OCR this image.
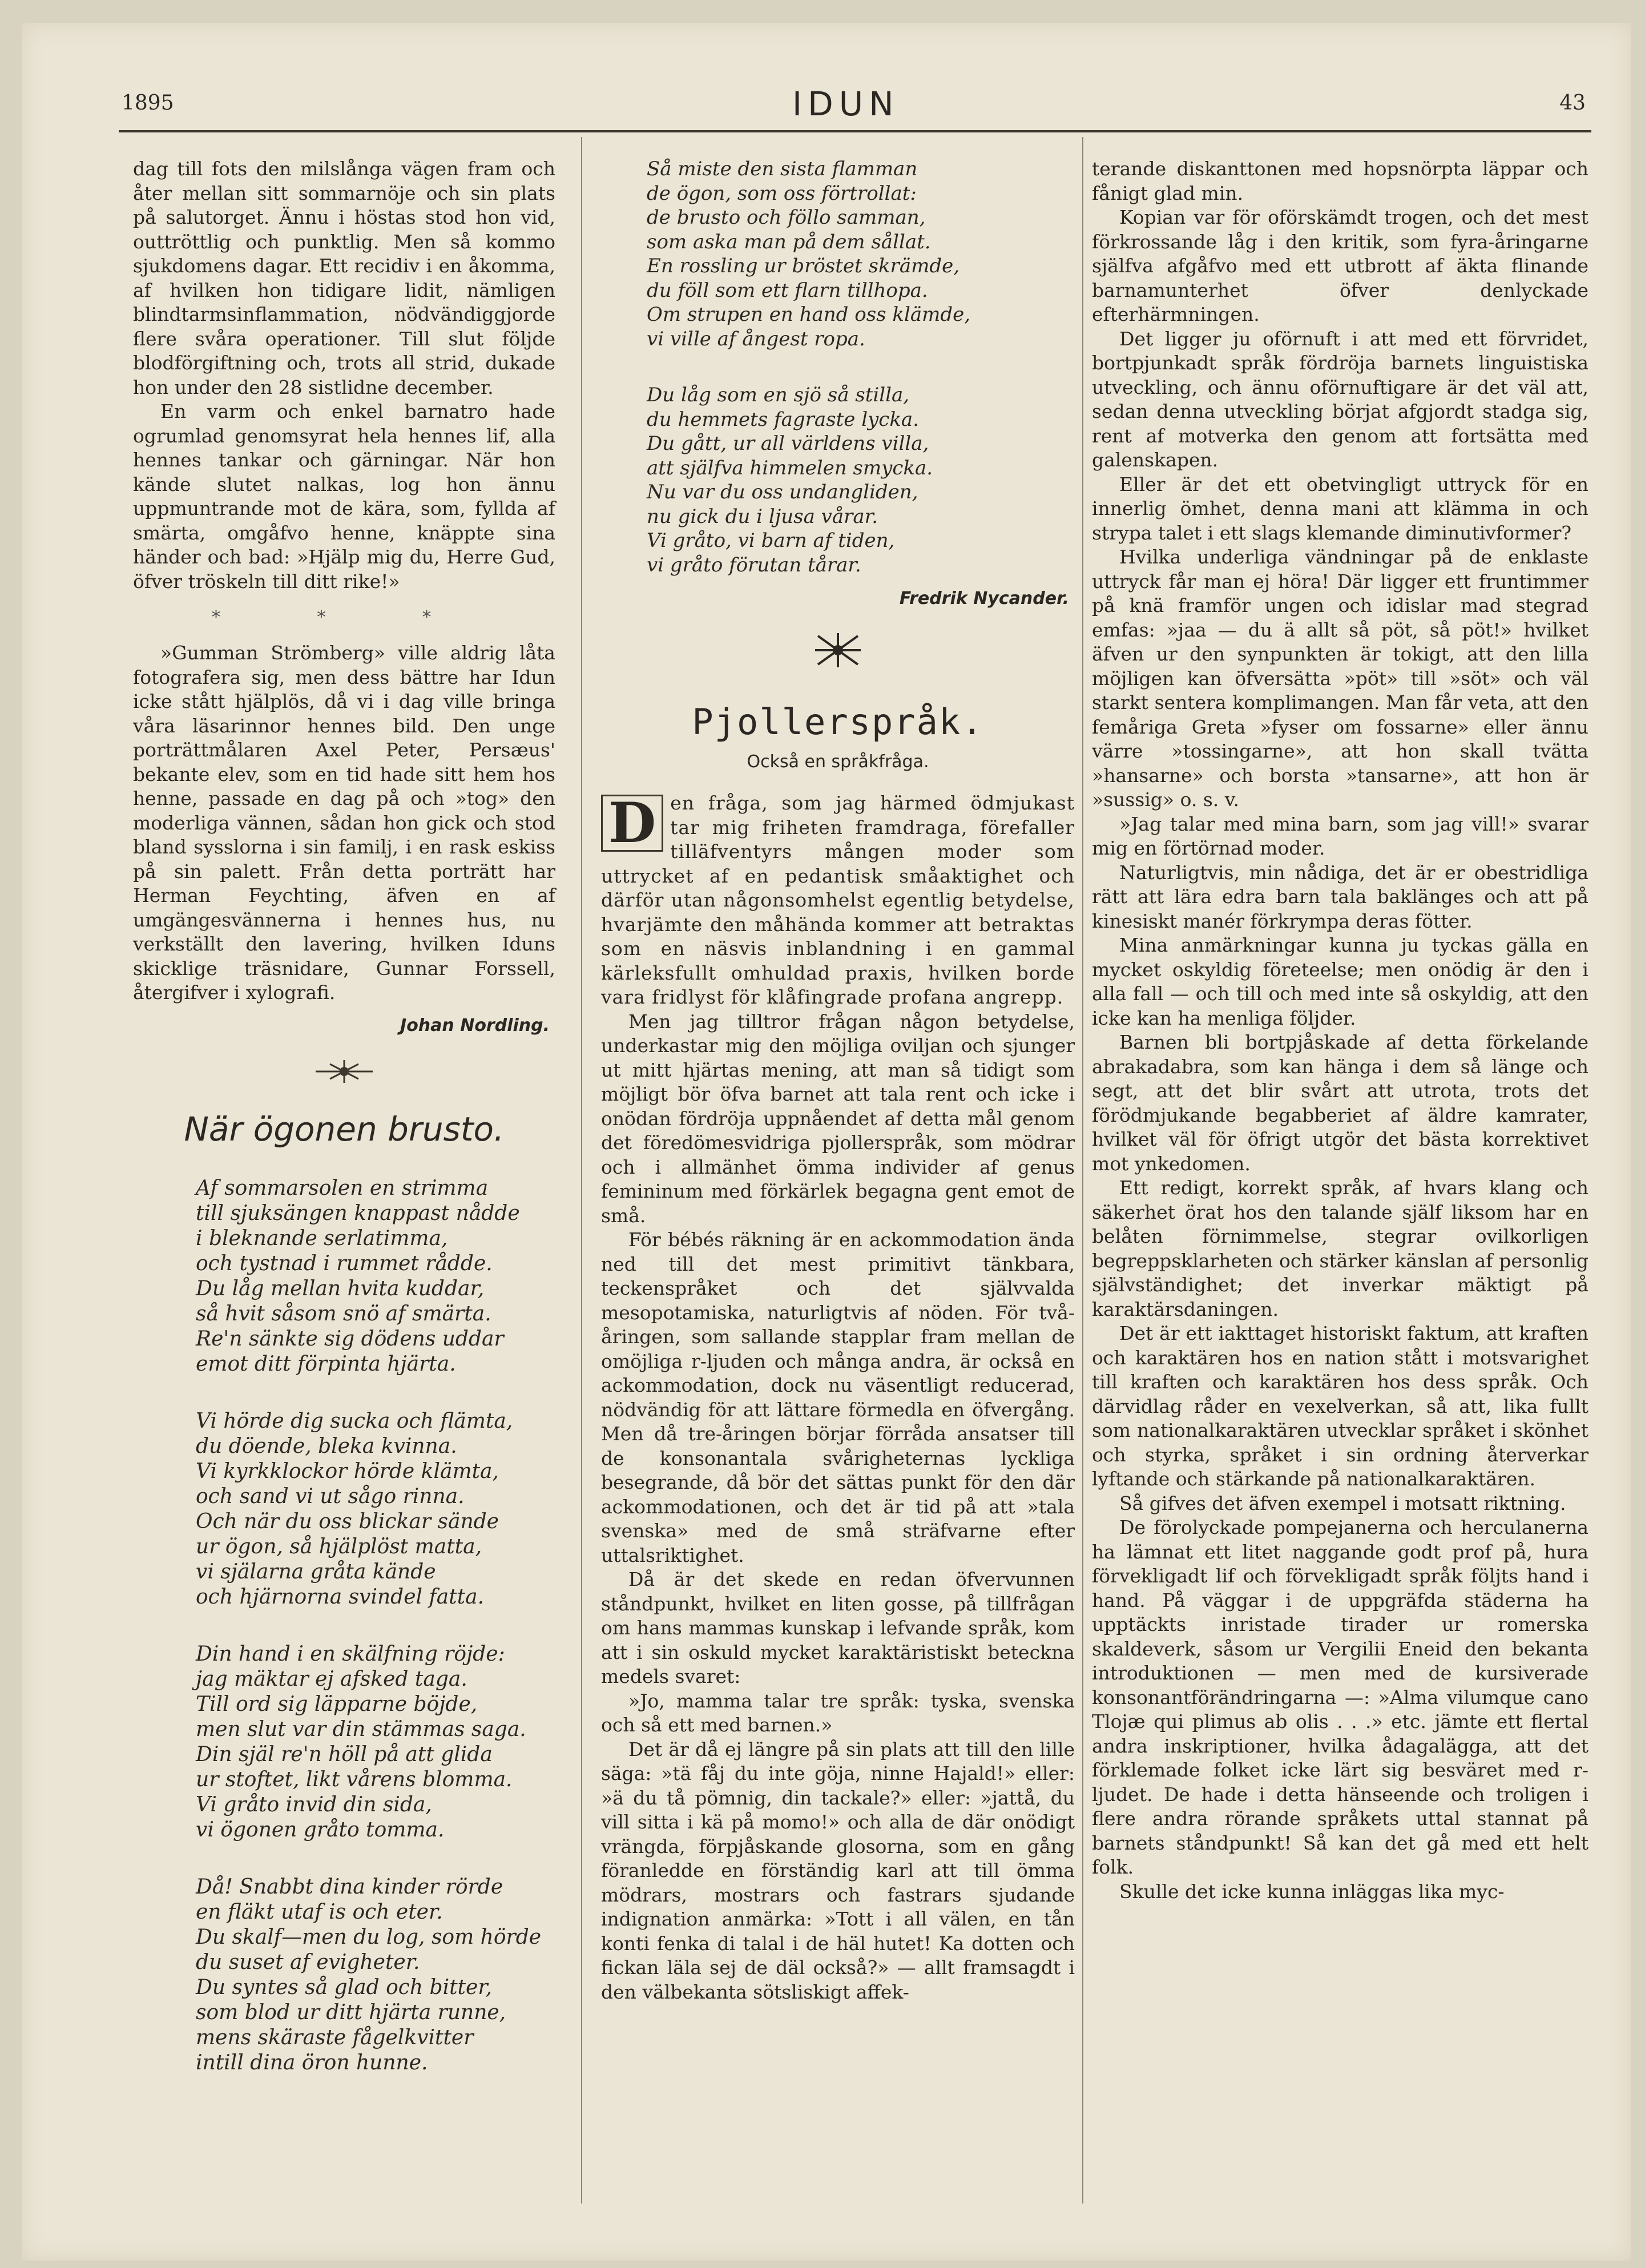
1895	IDUN	43

dag till fots den milslånga vägen fram och åter mellan sitt sommarnöje och sin plats på salutorget. Ännu i höstas stod hon vid, outtröttlig och punktlig. Men så kommo sjukdomens dagar. Ett recidiv i en åkomma, af hvilken hon tidigare lidit, nämligen blindtarmsinflammation, nödvändiggjorde flere svåra operationer. Till slut följde blodförgiftning och, trots all strid, dukade hon under den 28 sistlidne december.

En varm och enkel barnatro hade ogrumlad genomsyrat hela hennes lif, alla hennes tankar och gärningar. När hon kände slutet nalkas, log hon ännu uppmuntrande mot de kära, som, fyllda af smärta, omgåfvo henne, knäppte sina händer och bad: »Hjälp mig du, Herre Gud, öfver tröskeln till ditt rike!»

* * *

»Gumman Strömberg» ville aldrig låta fotografera sig, men dess bättre har Idun icke stått hjälplös, då vi i dag ville bringa våra läsarinnor hennes bild. Den unge porträttmålaren Axel Peter, Persæus' bekante elev, som en tid hade sitt hem hos henne, passade en dag på och »tog» den moderliga vännen, sådan hon gick och stod bland sysslorna i sin familj, i en rask eskiss på sin palett. Från detta porträtt har Herman Feychting, äfven en af umgängesvännerna i hennes hus, nu verkställt den lavering, hvilken Iduns skicklige träsnidare, Gunnar Forssell, återgifver i xylografi.

Johan Nordling.
När ögonen brusto.
Af sommarsolen en strimma
till sjuksängen knappast nådde
i bleknande serlatimma,
och tystnad i rummet rådde.
Du låg mellan hvita kuddar,
så hvit såsom snö af smärta.
Re'n sänkte sig dödens uddar
emot ditt förpinta hjärta.
Vi hörde dig sucka och flämta,
du döende, bleka kvinna.
Vi kyrkklockor hörde klämta,
och sand vi ut sågo rinna.
Och när du oss blickar sände
ur ögon, så hjälplöst matta,
vi själarna gråta kände
och hjärnorna svindel fatta.
Din hand i en skälfning röjde:
jag mäktar ej afsked taga.
Till ord sig läpparne böjde,
men slut var din stämmas saga.
Din själ re'n höll på att glida
ur stoftet, likt vårens blomma.
Vi gråto invid din sida,
vi ögonen gråto tomma.
Då! Snabbt dina kinder rörde
en fläkt utaf is och eter.
Du skalf—men du log, som hörde
du suset af evigheter.
Du syntes så glad och bitter,
som blod ur ditt hjärta runne,
mens skäraste fågelkvitter
intill dina öron hunne.
Så miste den sista flamman
de ögon, som oss förtrollat:
de brusto och föllo samman,
som aska man på dem sållat.
En rossling ur bröstet skrämde,
du föll som ett flarn tillhopa.
Om strupen en hand oss klämde,
vi ville af ångest ropa.
Du låg som en sjö så stilla,
du hemmets fagraste lycka.
Du gått, ur all världens villa,
att själfva himmelen smycka.
Nu var du oss undangliden,
nu gick du i ljusa vårar.
Vi gråto, vi barn af tiden,
vi gråto förutan tårar.
Fredrik Nycander.
Pjollerspråk.
Också en språkfråga.

D en fråga, som jag härmed ödmjukast tar mig friheten framdraga, förefaller tilläfventyrs mången moder som uttrycket af en pedantisk småaktighet och därför utan någonsomhelst egentlig betydelse, hvarjämte den måhända kommer att betraktas som en näsvis inblandning i en gammal kärleksfullt omhuldad praxis, hvilken borde vara fridlyst för klåfingrade profana angrepp.

Men jag tilltror frågan någon betydelse, underkastar mig den möjliga oviljan och sjunger ut mitt hjärtas mening, att man så tidigt som möjligt bör öfva barnet att tala rent och icke i onödan fördröja uppnåendet af detta mål genom det föredömesvidriga pjollerspråk, som mödrar och i allmänhet ömma individer af genus femininum med förkärlek begagna gent emot de små.

För bébés räkning är en ackommodation ända ned till det mest primitivt tänkbara, teckenspråket och det självvalda mesopotamiska, naturligtvis af nöden. För två-åringen, som sallande stapplar fram mellan de omöjliga r-ljuden och många andra, är också en ackommodation, dock nu väsentligt reducerad, nödvändig för att lättare förmedla en öfvergång. Men då tre-åringen börjar förråda ansatser till de konsonantala svårigheternas lyckliga besegrande, då bör det sättas punkt för den där ackommodationen, och det är tid på att »tala svenska» med de små sträfvarne efter uttalsriktighet.

Då är det skede en redan öfvervunnen ståndpunkt, hvilket en liten gosse, på tillfrågan om hans mammas kunskap i lefvande språk, kom att i sin oskuld mycket karaktäristiskt beteckna medels svaret:

»Jo, mamma talar tre språk: tyska, svenska och så ett med barnen.»

Det är då ej längre på sin plats att till den lille säga: »tä fåj du inte göja, ninne Hajald!» eller: »ä du tå pömnig, din tackale?» eller: »jattå, du vill sitta i kä på momo!» och alla de där onödigt vrängda, förpjåskande glosorna, som en gång föranledde en förständig karl att till ömma mödrars, mostrars och fastrars sjudande indignation anmärka: »Tott i all välen, en tån konti fenka di talal i de häl hutet! Ka dotten och fickan läla sej de däl också?» — allt framsagdt i den välbekanta sötsliskigt affek-

terande diskanttonen med hopsnörpta läppar och fånigt glad min.

Kopian var för oförskämdt trogen, och det mest förkrossande låg i den kritik, som fyra-åringarne själfva afgåfvo med ett utbrott af äkta flinande barnamunterhet öfver denlyckade efterhärmningen.

Det ligger ju oförnuft i att med ett förvridet, bortpjunkadt språk fördröja barnets linguistiska utveckling, och ännu oförnuftigare är det väl att, sedan denna utveckling börjat afgjordt stadga sig, rent af motverka den genom att fortsätta med galenskapen.

Eller är det ett obetvingligt uttryck för en innerlig ömhet, denna mani att klämma in och strypa talet i ett slags klemande diminutivformer?

Hvilka underliga vändningar på de enklaste uttryck får man ej höra! Där ligger ett fruntimmer på knä framför ungen och idislar mad stegrad emfas: »jaa — du ä allt så pöt, så pöt!» hvilket äfven ur den synpunkten är tokigt, att den lilla möjligen kan öfversätta »pöt» till »söt» och väl starkt sentera komplimangen. Man får veta, att den femåriga Greta »fyser om fossarne» eller ännu värre »tossingarne», att hon skall tvätta »hansarne» och borsta »tansarne», att hon är »sussig» o. s. v.

»Jag talar med mina barn, som jag vill!» svarar mig en förtörnad moder.

Naturligtvis, min nådiga, det är er obestridliga rätt att lära edra barn tala baklänges och att på kinesiskt manér förkrympa deras fötter.

Mina anmärkningar kunna ju tyckas gälla en mycket oskyldig företeelse; men onödig är den i alla fall — och till och med inte så oskyldig, att den icke kan ha menliga följder.

Barnen bli bortpjåskade af detta förkelande abrakadabra, som kan hänga i dem så länge och segt, att det blir svårt att utrota, trots det förödmjukande begabberiet af äldre kamrater, hvilket väl för öfrigt utgör det bästa korrektivet mot ynkedomen.

Ett redigt, korrekt språk, af hvars klang och säkerhet örat hos den talande själf liksom har en belåten förnimmelse, stegrar ovilkorligen begreppsklarheten och stärker känslan af personlig självständighet; det inverkar mäktigt på karaktärsdaningen.

Det är ett iakttaget historiskt faktum, att kraften och karaktären hos en nation stått i motsvarighet till kraften och karaktären hos dess språk. Och därvidlag råder en vexelverkan, så att, lika fullt som nationalkaraktären utvecklar språket i skönhet och styrka, språket i sin ordning återverkar lyftande och stärkande på nationalkaraktären.

Så gifves det äfven exempel i motsatt riktning.

De förolyckade pompejanerna och herculanerna ha lämnat ett litet naggande godt prof på, hura förvekligadt lif och förvekligadt språk följts hand i hand. På väggar i de uppgräfda städerna ha upptäckts inristade tirader ur romerska skaldeverk, såsom ur Vergilii Eneid den bekanta introduktionen — men med de kursiverade konsonantförändringarna —: »Alma vilumque cano Tlojæ qui plimus ab olis . . .» etc. jämte ett flertal andra inskriptioner, hvilka ådagalägga, att det förklemade folket icke lärt sig besväret med r-ljudet. De hade i detta hänseende och troligen i flere andra rörande språkets uttal stannat på barnets ståndpunkt! Så kan det gå med ett helt folk.

Skulle det icke kunna inläggas lika myc-
